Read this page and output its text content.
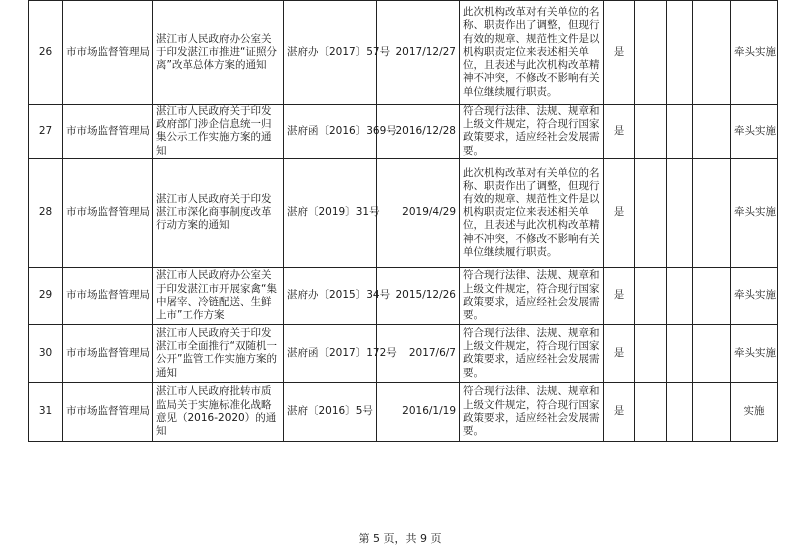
26	市市场监督管理局	湛江市人民政府办公室关于印发湛江市推进“证照分离”改革总体方案的通知	湛府办〔2017〕57号	2017/12/27	此次机构改革对有关单位的名称、职责作出了调整，但现行有效的规章、规范性文件是以机构职责定位来表述相关单位，且表述与此次机构改革精神不冲突，不修改不影响有关单位继续履行职责。	是				牵头实施
27	市市场监督管理局	湛江市人民政府关于印发政府部门涉企信息统一归集公示工作实施方案的通知	湛府函〔2016〕369号	2016/12/28	符合现行法律、法规、规章和上级文件规定，符合现行国家政策要求，适应经社会发展需要。	是				牵头实施
28	市市场监督管理局	湛江市人民政府关于印发湛江市深化商事制度改革行动方案的通知	湛府〔2019〕31号	2019/4/29	此次机构改革对有关单位的名称、职责作出了调整，但现行有效的规章、规范性文件是以机构职责定位来表述相关单位，且表述与此次机构改革精神不冲突，不修改不影响有关单位继续履行职责。	是				牵头实施
29	市市场监督管理局	湛江市人民政府办公室关于印发湛江市开展家禽“集中屠宰、冷链配送、生鲜上市”工作方案	湛府办〔2015〕34号	2015/12/26	符合现行法律、法规、规章和上级文件规定，符合现行国家政策要求，适应经社会发展需要。	是				牵头实施
30	市市场监督管理局	湛江市人民政府关于印发湛江市全面推行“双随机一公开”监管工作实施方案的通知	湛府函〔2017〕172号	2017/6/7	符合现行法律、法规、规章和上级文件规定，符合现行国家政策要求，适应经社会发展需要。	是				牵头实施
31	市市场监督管理局	湛江市人民政府批转市质监局关于实施标准化战略意见（2016-2020）的通知	湛府〔2016〕5号	2016/1/19	符合现行法律、法规、规章和上级文件规定，符合现行国家政策要求，适应经社会发展需要。	是				实施
第 5 页，共 9 页
